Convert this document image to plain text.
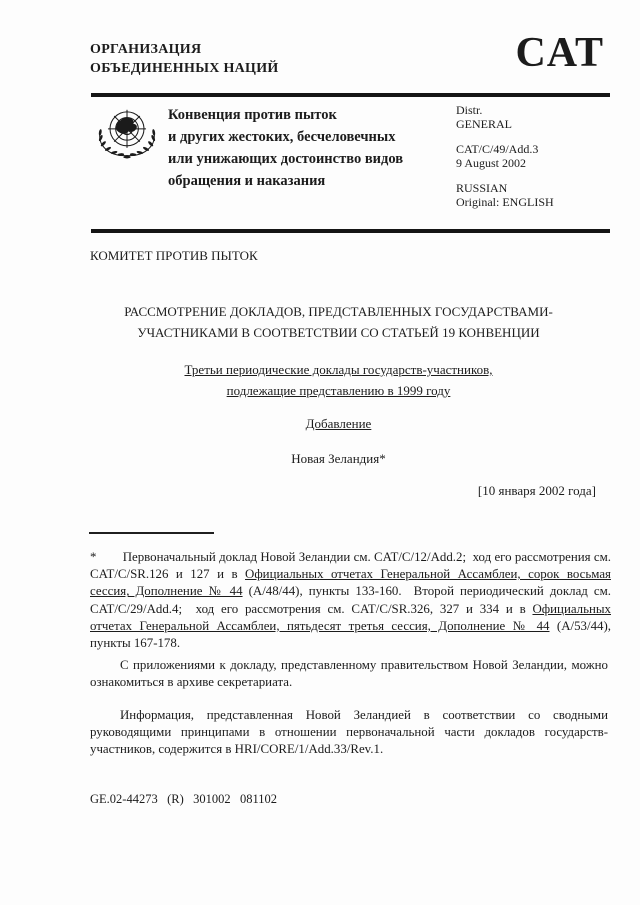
ОРГАНИЗАЦИЯ
ОБЪЕДИНЕННЫХ НАЦИЙ	CAT
Конвенция против пыток
и других жестоких, бесчеловечных
или унижающих достоинство видов
обращения и наказания
Distr.
GENERAL
CAT/C/49/Add.3
9 August 2002
RUSSIAN
Original: ENGLISH
КОМИТЕТ ПРОТИВ ПЫТОК
РАССМОТРЕНИЕ ДОКЛАДОВ, ПРЕДСТАВЛЕННЫХ ГОСУДАРСТВАМИ-
УЧАСТНИКАМИ В СООТВЕТСТВИИ СО СТАТЬЕЙ 19 КОНВЕНЦИИ
Третьи периодические доклады государств-участников,
подлежащие представлению в 1999 году
Добавление
Новая Зеландия*
[10 января 2002 года]
*        Первоначальный доклад Новой Зеландии см. CAT/C/12/Add.2;  ход его рассмотрения см. CAT/C/SR.126 и 127 и в Официальных отчетах Генеральной Ассамблеи, сорок восьмая сессия, Дополнение № 44 (A/48/44), пункты 133-160.  Второй периодический доклад см. CAT/C/29/Add.4;  ход его рассмотрения см. CAT/C/SR.326, 327 и 334 и в Официальных отчетах Генеральной Ассамблеи, пятьдесят третья сессия, Дополнение № 44 (A/53/44), пункты 167-178.
С приложениями к докладу, представленному правительством Новой Зеландии, можно ознакомиться в архиве секретариата.
Информация, представленная Новой Зеландией в соответствии со сводными руководящими принципами в отношении первоначальной части докладов государств-участников, содержится в HRI/CORE/1/Add.33/Rev.1.
GE.02-44273   (R)   301002   081102
